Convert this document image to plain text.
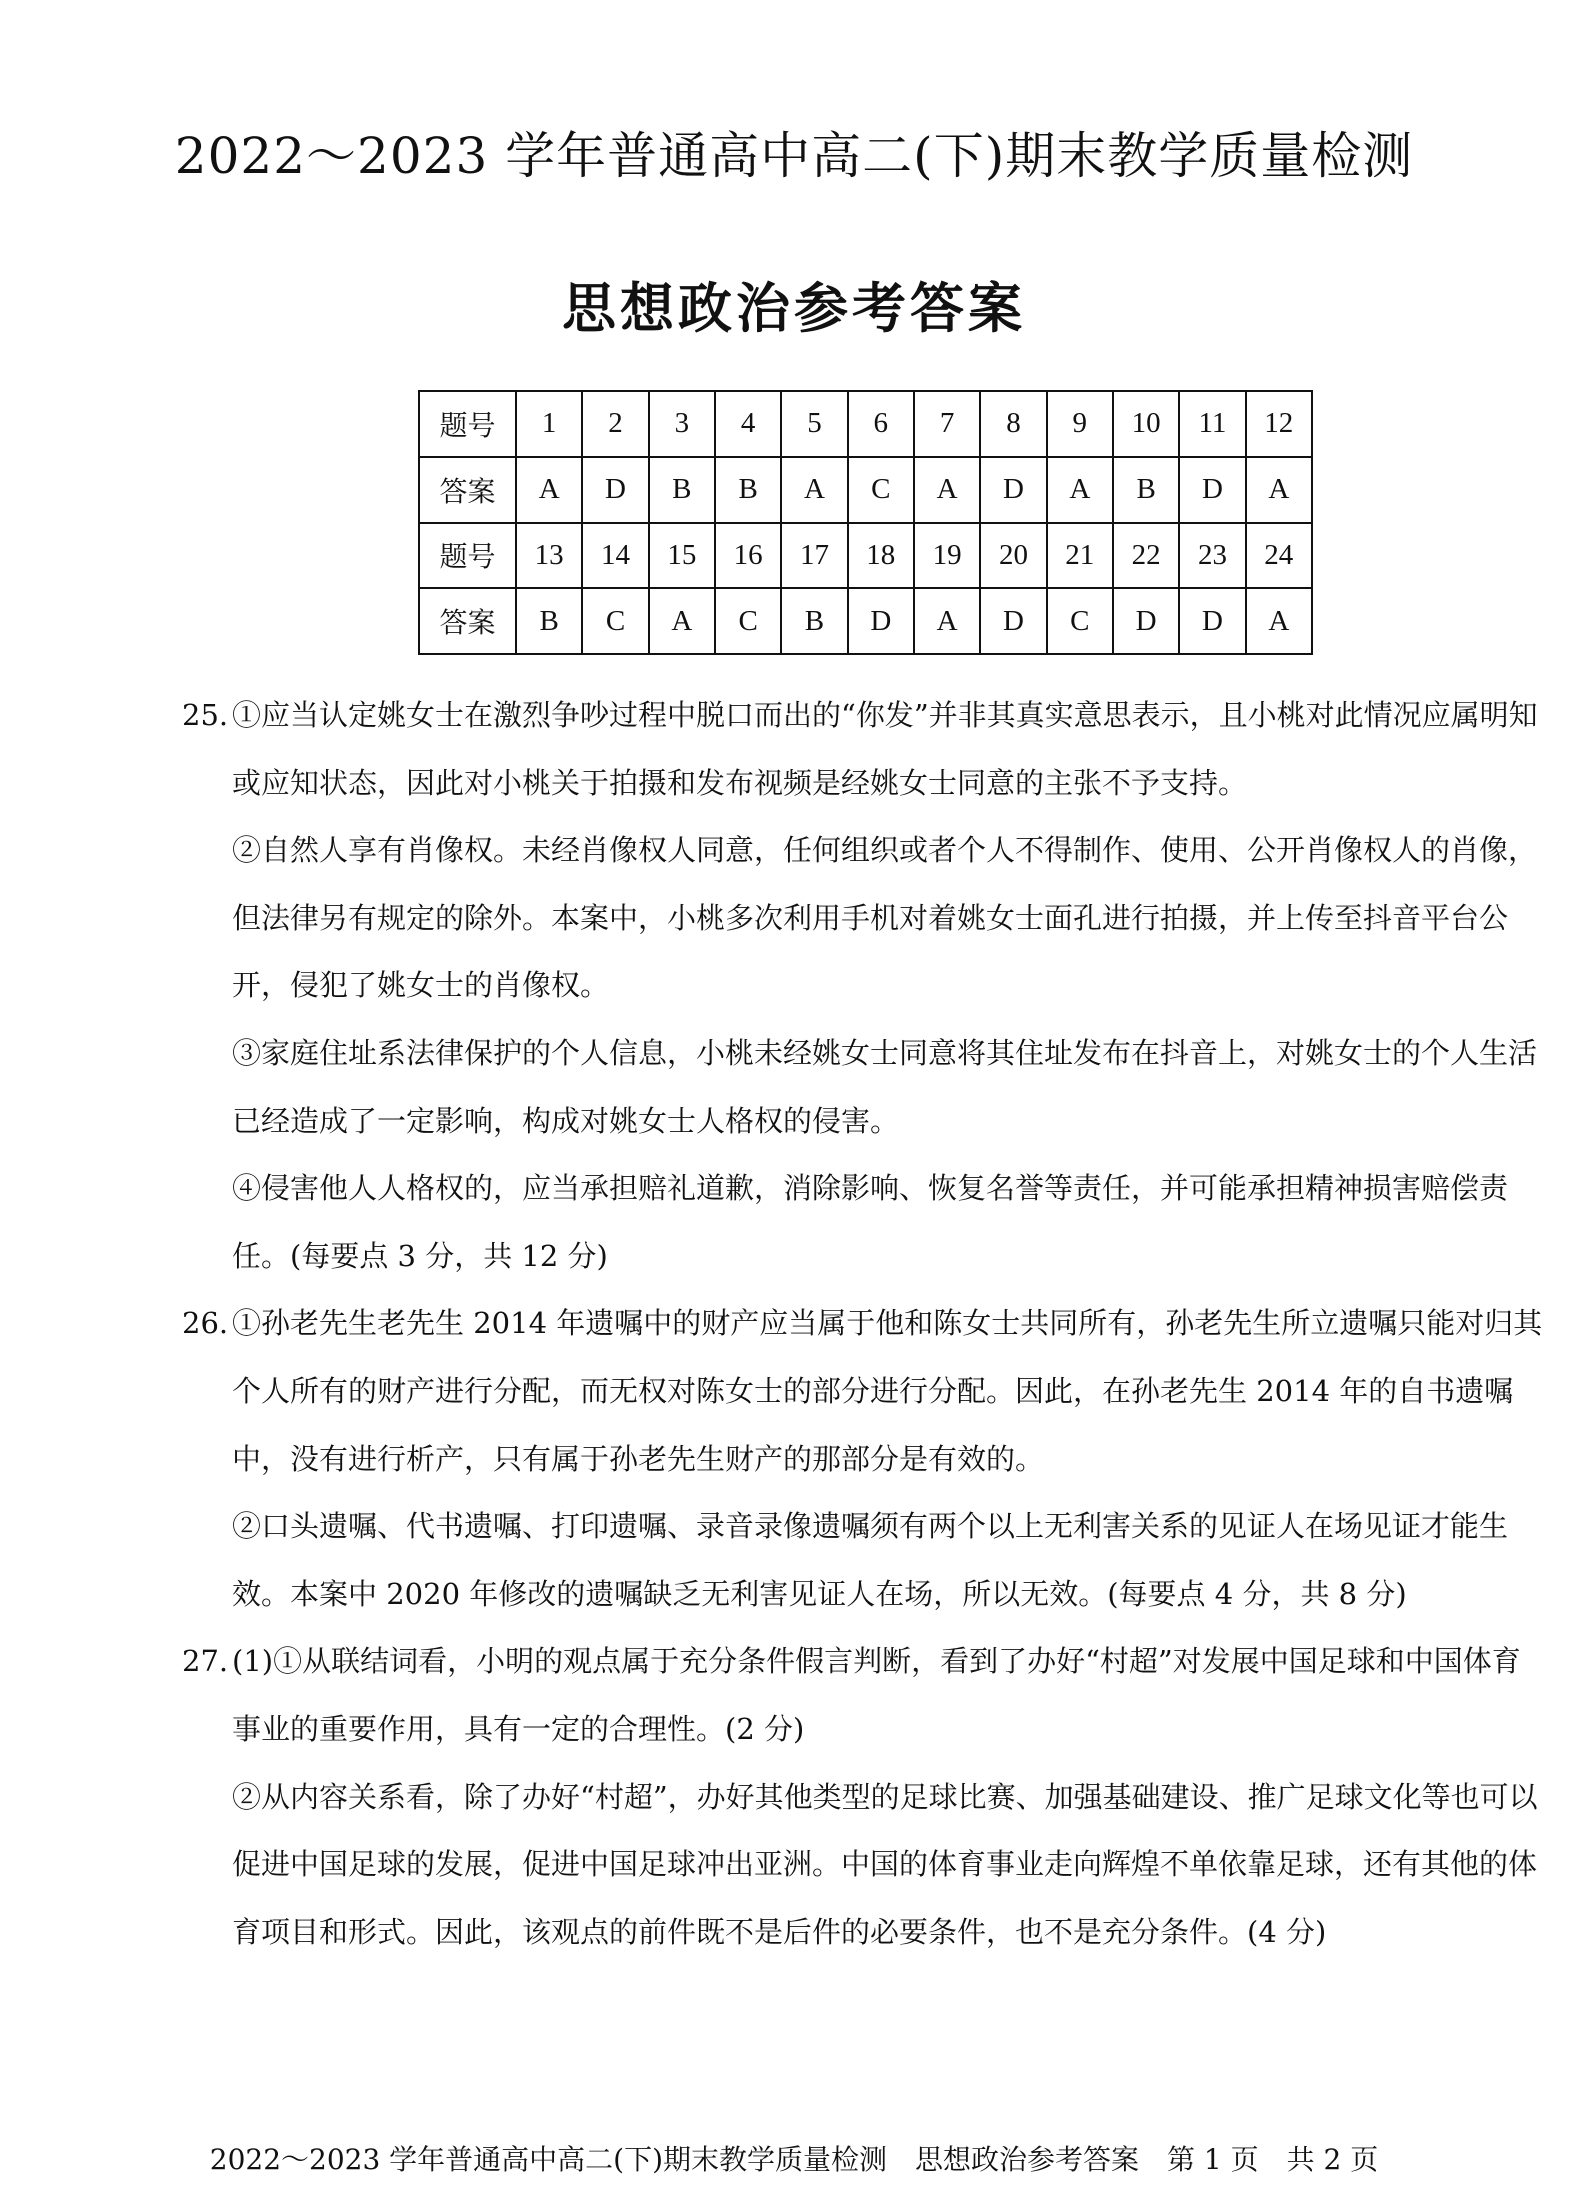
2022～2023 学年普通高中高二(下)期末教学质量检测
思想政治参考答案
题号	1	2	3	4	5	6	7	8	9	10	11	12
答案	A	D	B	B	A	C	A	D	A	B	D	A
题号	13	14	15	16	17	18	19	20	21	22	23	24
答案	B	C	A	C	B	D	A	D	C	D	D	A

25. ①应当认定姚女士在激烈争吵过程中脱口而出的“你发”并非其真实意思表示，且小桃对此情况应属明知或应知状态，因此对小桃关于拍摄和发布视频是经姚女士同意的主张不予支持。

②自然人享有肖像权。未经肖像权人同意，任何组织或者个人不得制作、使用、公开肖像权人的肖像，但法律另有规定的除外。本案中，小桃多次利用手机对着姚女士面孔进行拍摄，并上传至抖音平台公开，侵犯了姚女士的肖像权。

③家庭住址系法律保护的个人信息，小桃未经姚女士同意将其住址发布在抖音上，对姚女士的个人生活已经造成了一定影响，构成对姚女士人格权的侵害。

④侵害他人人格权的，应当承担赔礼道歉，消除影响、恢复名誉等责任，并可能承担精神损害赔偿责任。(每要点 3 分，共 12 分)

26. ①孙老先生老先生 2014 年遗嘱中的财产应当属于他和陈女士共同所有，孙老先生所立遗嘱只能对归其个人所有的财产进行分配，而无权对陈女士的部分进行分配。因此，在孙老先生 2014 年的自书遗嘱中，没有进行析产，只有属于孙老先生财产的那部分是有效的。

②口头遗嘱、代书遗嘱、打印遗嘱、录音录像遗嘱须有两个以上无利害关系的见证人在场见证才能生效。本案中 2020 年修改的遗嘱缺乏无利害见证人在场，所以无效。(每要点 4 分，共 8 分)

27. (1)①从联结词看，小明的观点属于充分条件假言判断，看到了办好“村超”对发展中国足球和中国体育事业的重要作用，具有一定的合理性。(2 分)

②从内容关系看，除了办好“村超”，办好其他类型的足球比赛、加强基础建设、推广足球文化等也可以促进中国足球的发展，促进中国足球冲出亚洲。中国的体育事业走向辉煌不单依靠足球，还有其他的体育项目和形式。因此，该观点的前件既不是后件的必要条件，也不是充分条件。(4 分)

2022～2023 学年普通高中高二(下)期末教学质量检测　思想政治参考答案　第 1 页　共 2 页
